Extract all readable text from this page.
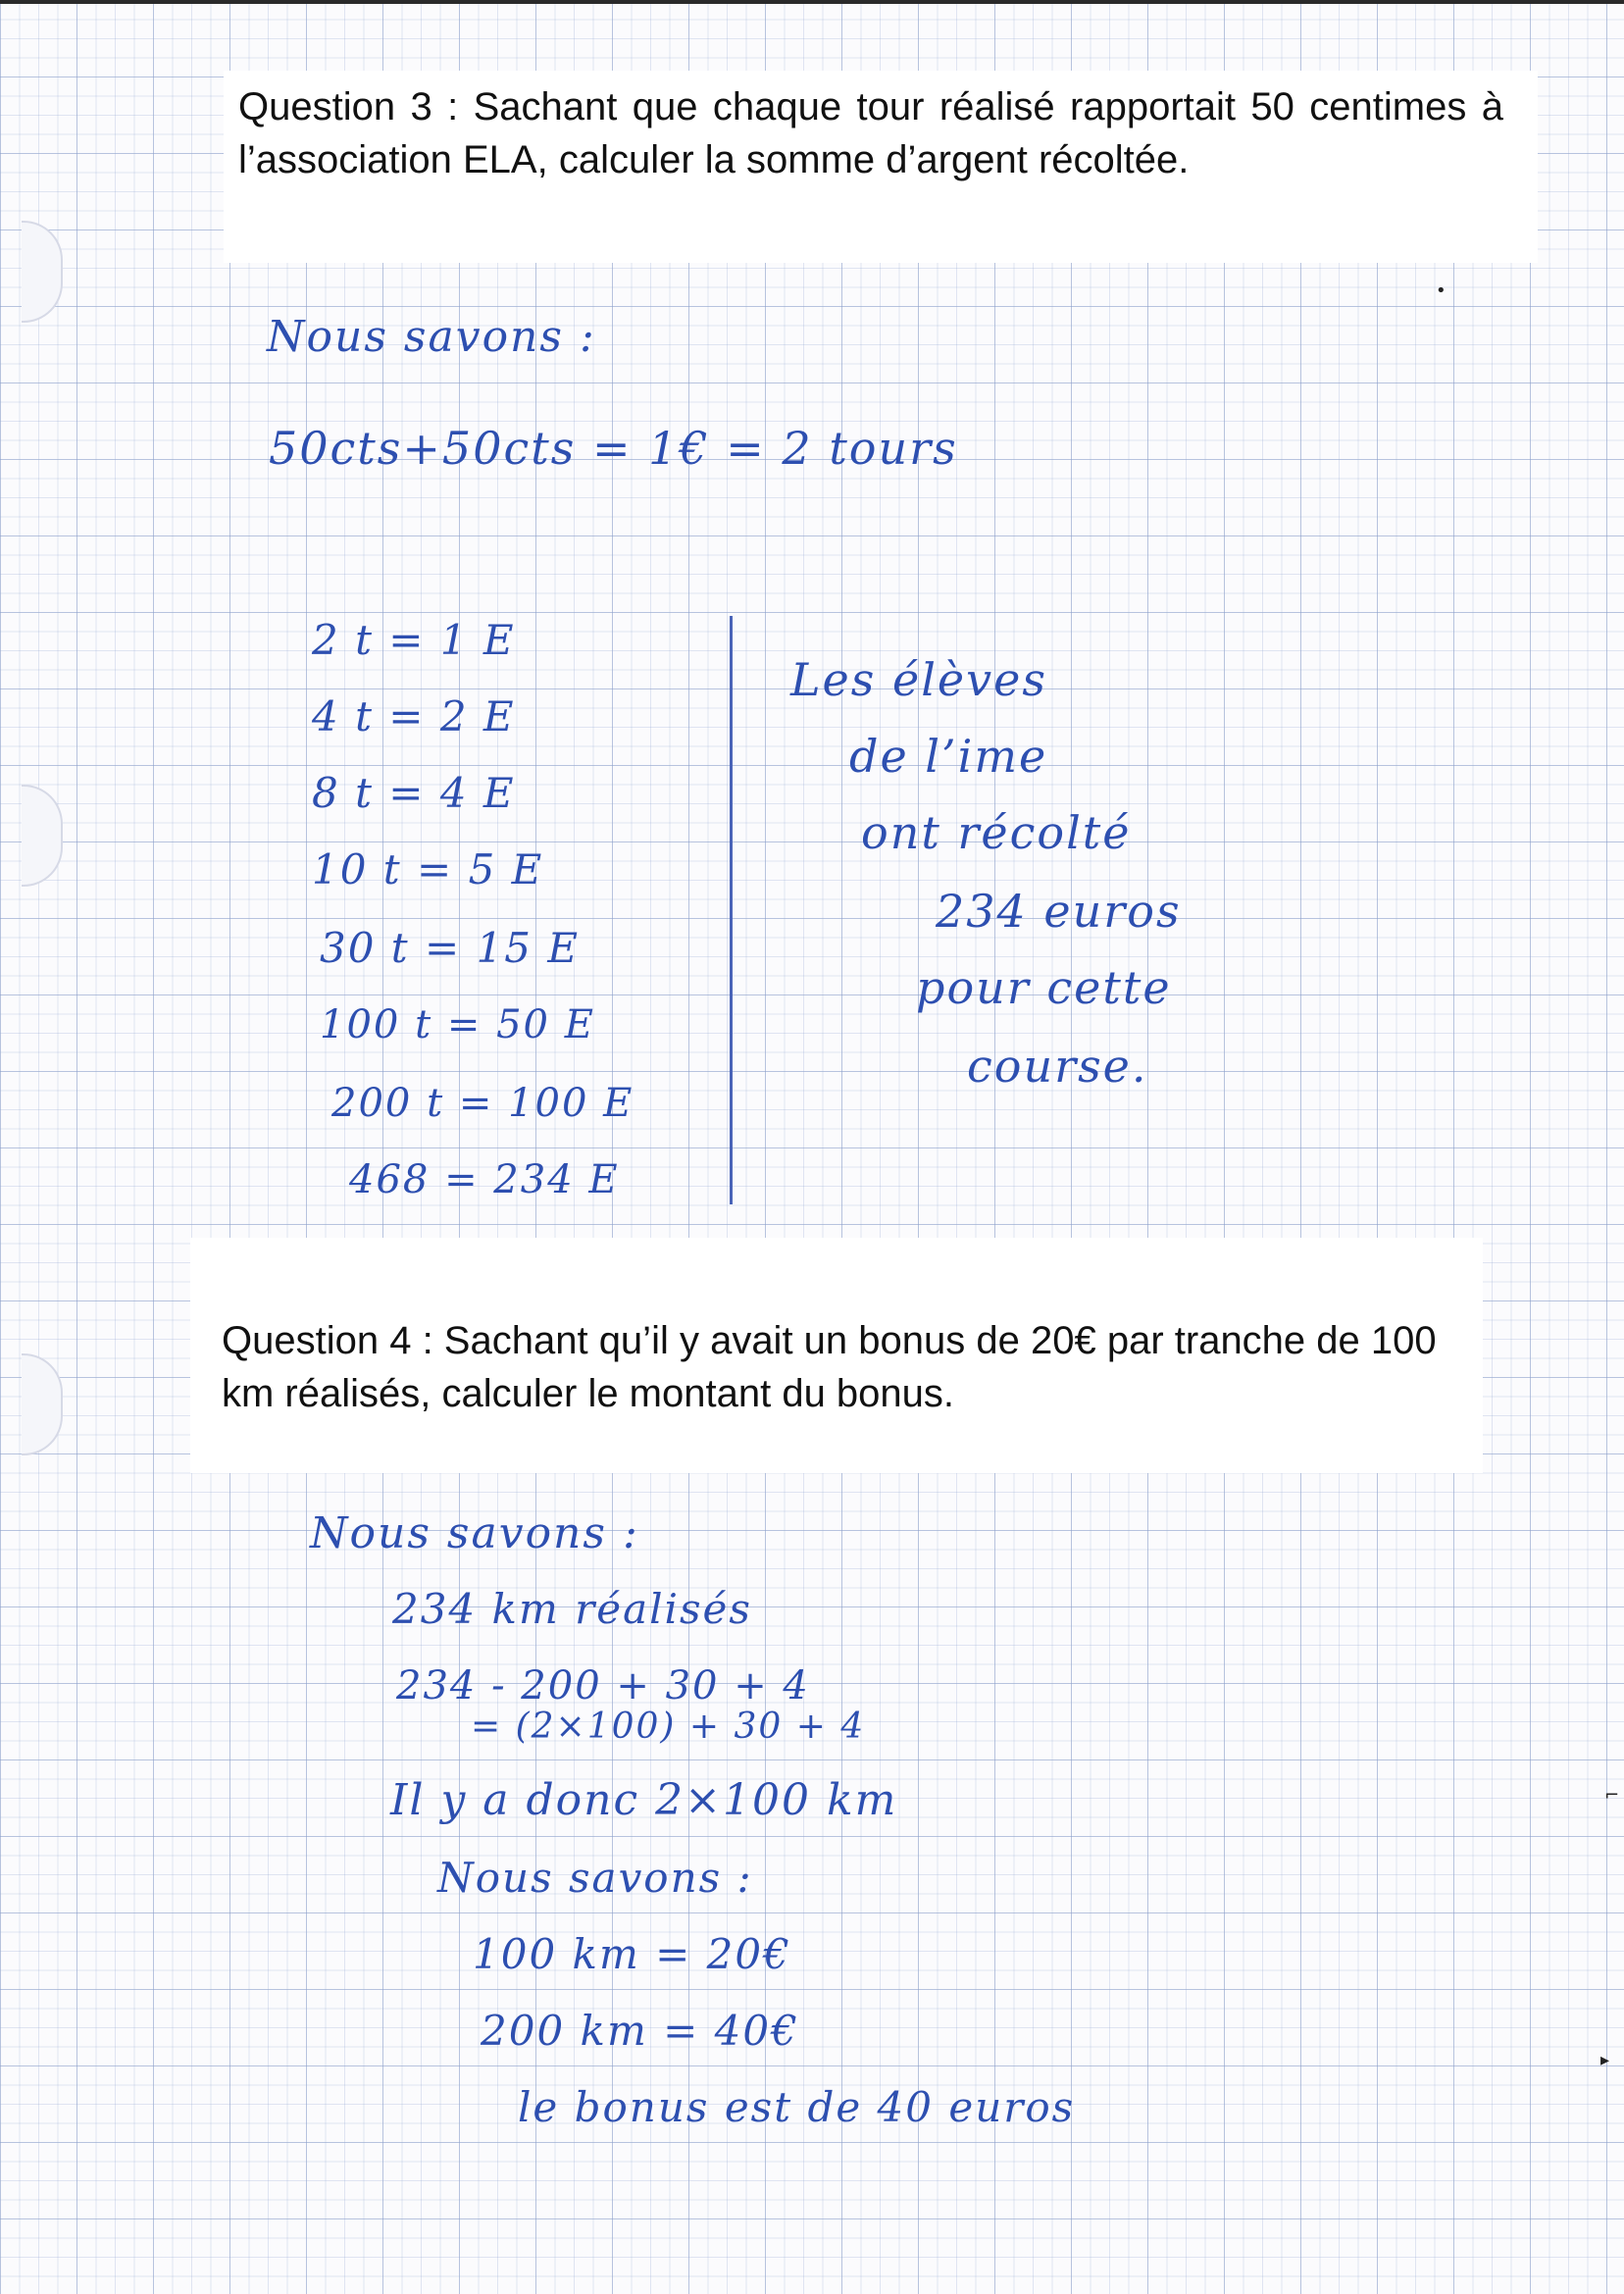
Question 3 : Sachant que chaque tour réalisé rapportait 50 centimes à l’association ELA, calculer la somme d’argent récoltée.

Nous savons :
50cts+50cts = 1€ = 2 tours
2 t = 1 E
4 t = 2 E
8 t = 4 E
10 t = 5 E
30 t = 15 E
100 t = 50 E
200 t = 100 E
468 = 234 E
Les élèves
de l’ime
ont récolté
234 euros
pour cette
course.

Question 4 : Sachant qu’il y avait un bonus de 20€ par tranche de 100 km réalisés, calculer le montant du bonus.

Nous savons :
234 km réalisés
234 - 200 + 30 + 4
= (2×100) + 30 + 4
Il y a donc 2×100 km
Nous savons :
100 km = 20€
200 km = 40€
le bonus est de 40 euros
•
⌐
▸
